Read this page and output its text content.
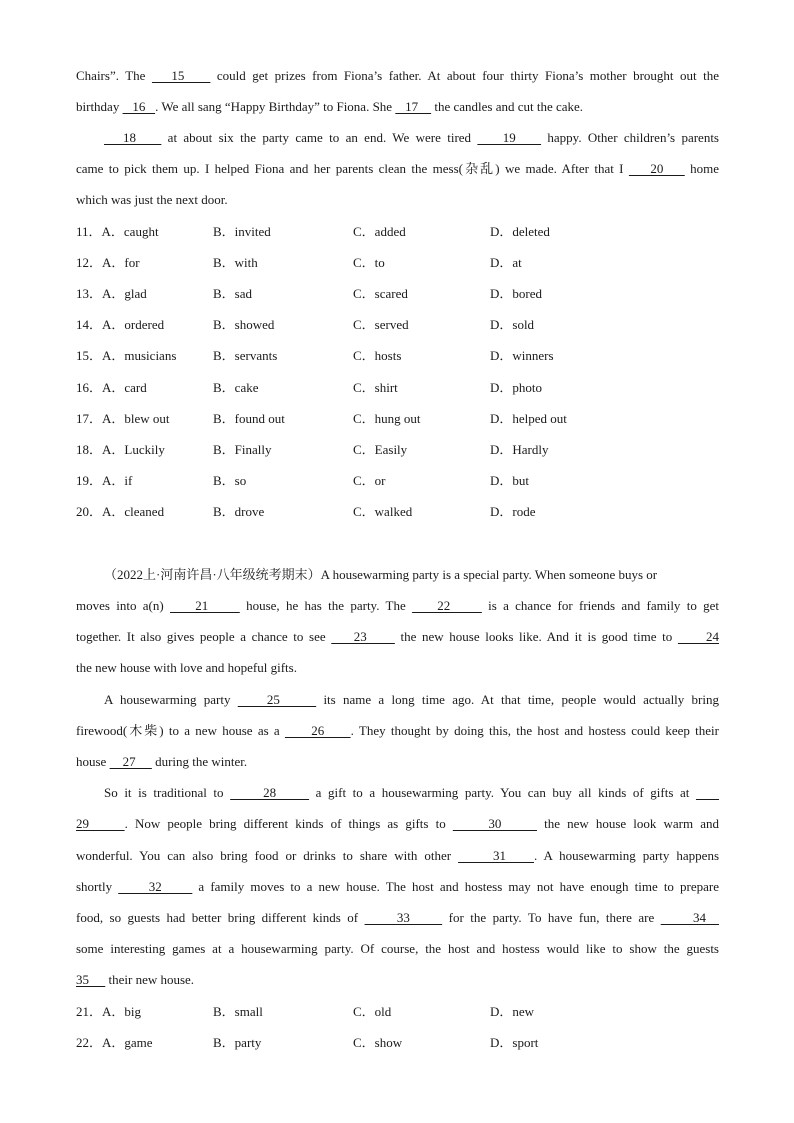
Chairs”. The    15     could get prizes from Fiona’s father. At about four thirty Fiona’s mother brought out the
birthday    16   . We all sang “Happy Birthday” to Fiona. She    17     the candles and cut the cake.
18     at about six the party came to an end. We were tired     19     happy. Other children’s parents
came to pick them up. I helped Fiona and her parents clean the mess(杂乱) we made. After that I     20     home
which was just the next door.
11．A．caught	B．invited	C．added	D．deleted
12．A．for	B．with	C．to	D．at
13．A．glad	B．sad	C．scared	D．bored
14．A．ordered	B．showed	C．served	D．sold
15．A．musicians	B．servants	C．hosts	D．winners
16．A．card	B．cake	C．shirt	D．photo
17．A．blew out	B．found out	C．hung out	D．helped out
18．A．Luckily	B．Finally	C．Easily	D．Hardly
19．A．if	B．so	C．or	D．but
20．A．cleaned	B．drove	C．walked	D．rode
（2022上·河南许昌·八年级统考期末）A housewarming party is a special party. When someone buys or
moves into a(n)     21      house, he has the party. The     22      is a chance for friends and family to get
together. It also gives people a chance to see     23      the new house looks like. And it is good time to      24
the new house with love and hopeful gifts.
A housewarming party     25      its name a long time ago. At that time, people would actually bring
firewood(木柴) to a new house as a      26     . They thought by doing this, the host and hostess could keep their
house     27      during the winter.
So it is traditional to      28      a gift to a housewarming party. You can buy all kinds of gifts at
29     . Now people bring different kinds of things as gifts to      30      the new house look warm and
wonderful. You can also bring food or drinks to share with other      31    . A housewarming party happens
shortly      32      a family moves to a new house. The host and hostess may not have enough time to prepare
food, so guests had better bring different kinds of      33      for the party. To have fun, there are      34
some interesting games at a housewarming party. Of course, the host and hostess would like to show the guests
35      their new house.
21．A．big	B．small	C．old	D．new
22．A．game	B．party	C．show	D．sport
